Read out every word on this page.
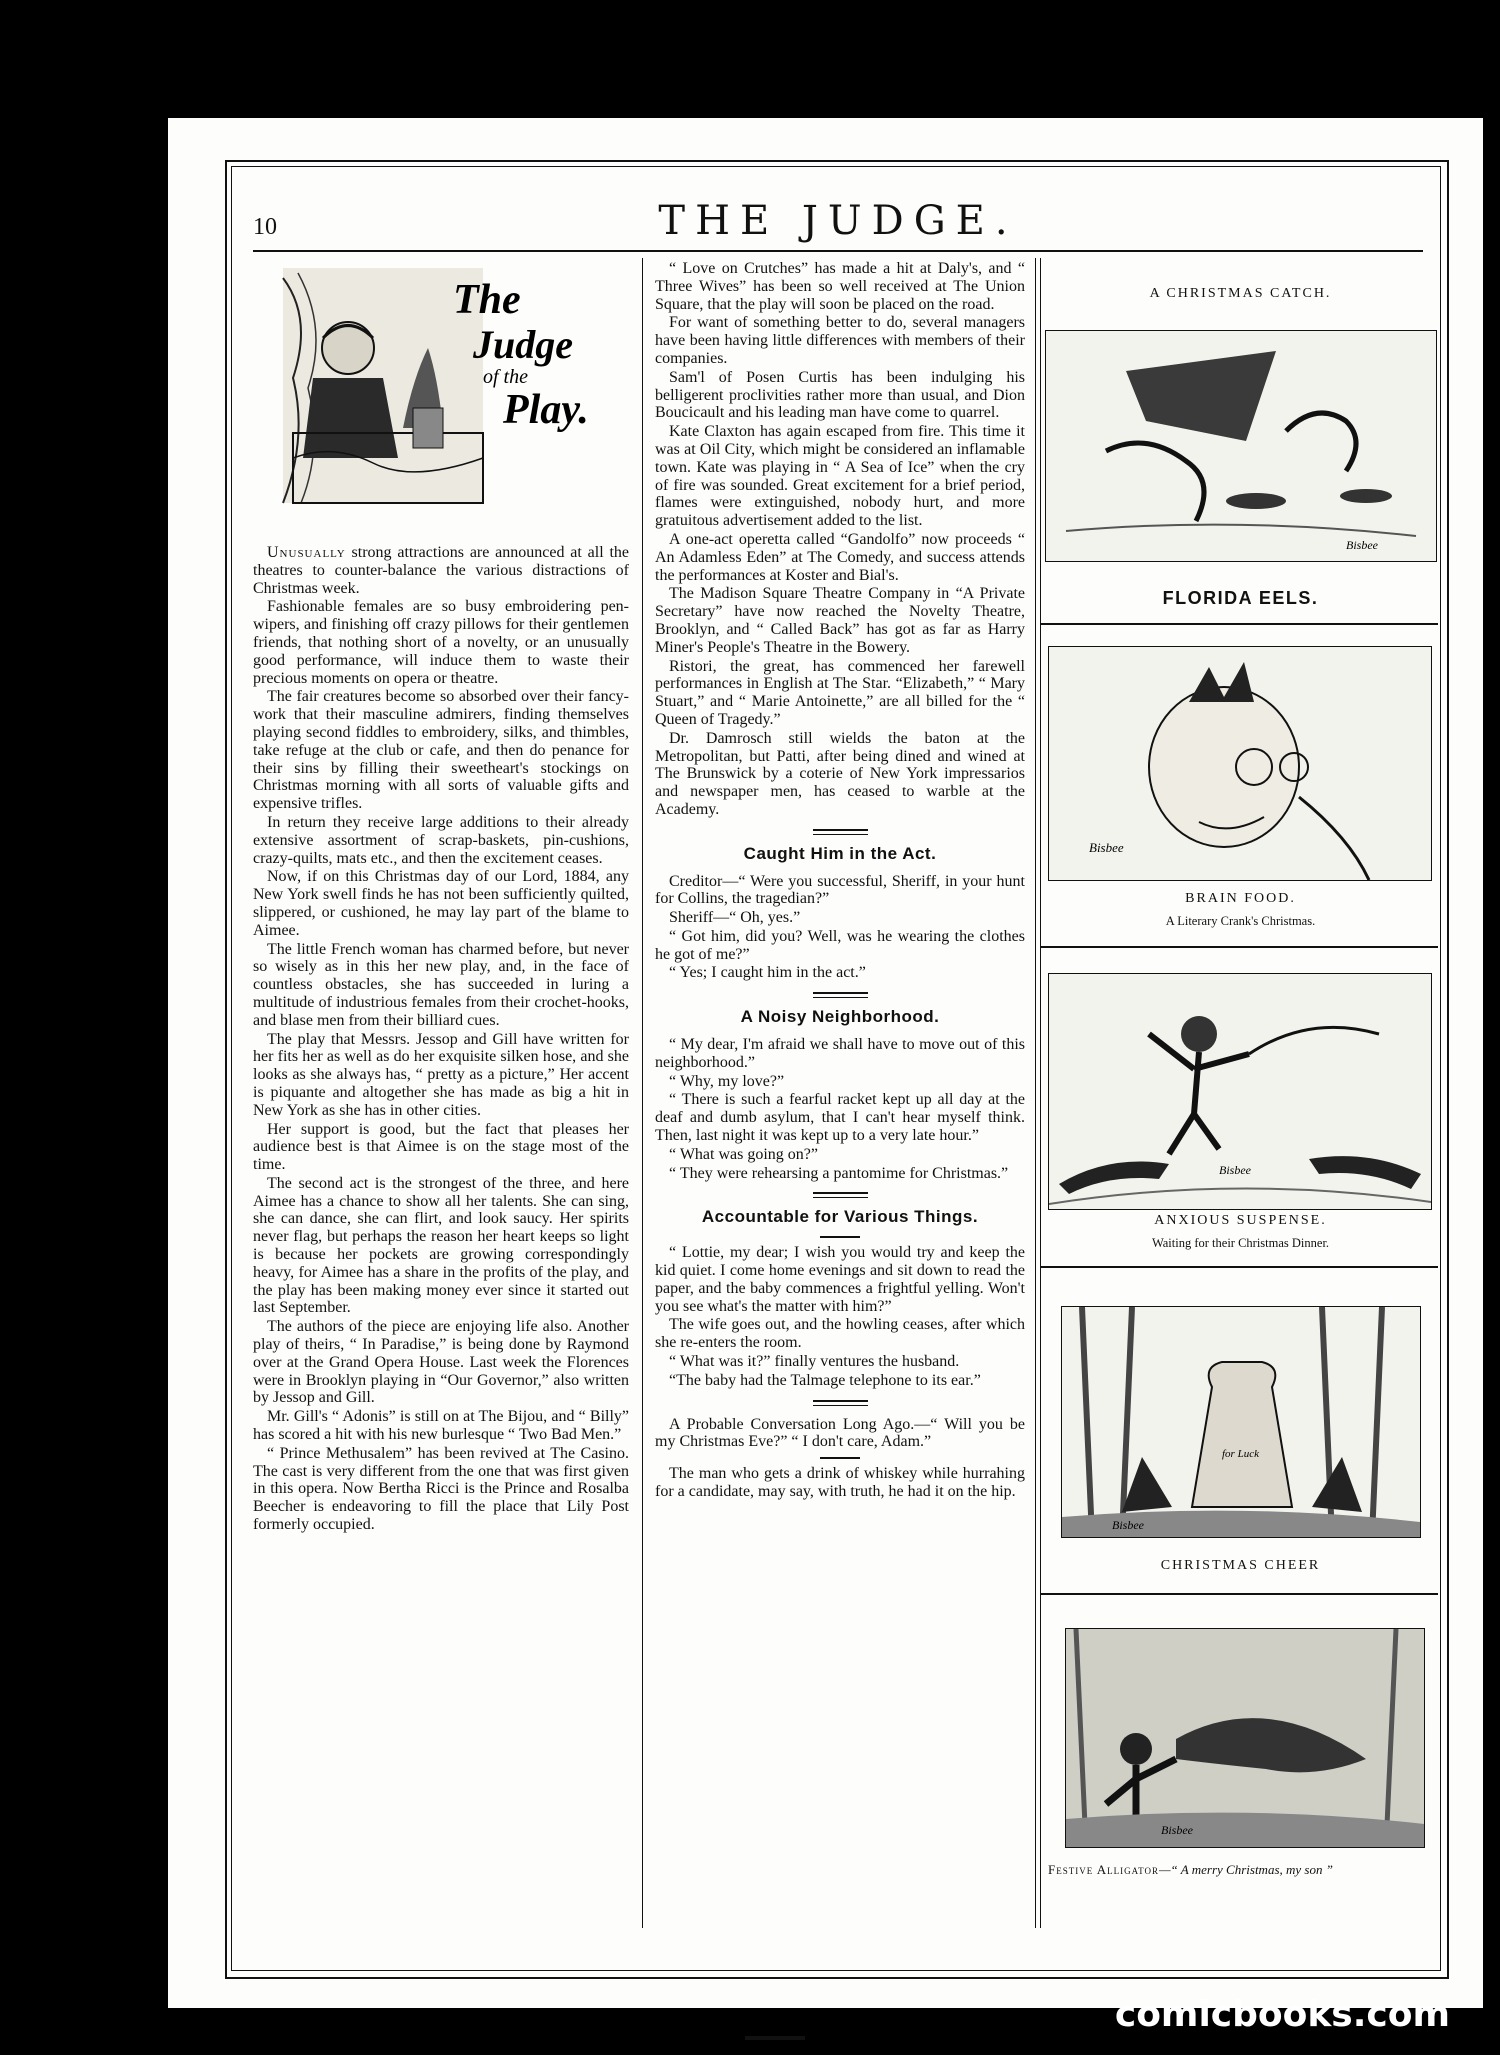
10	THE JUDGE.
The
Judge
of the
Play.

Unusually strong attractions are announced at all the theatres to counter-balance the various distractions of Christmas week.

Fashionable females are so busy embroidering pen-wipers, and finishing off crazy pillows for their gentlemen friends, that nothing short of a novelty, or an unusually good performance, will induce them to waste their precious moments on opera or theatre.

The fair creatures become so absorbed over their fancy-work that their masculine admirers, finding themselves playing second fiddles to embroidery, silks, and thimbles, take refuge at the club or cafe, and then do penance for their sins by filling their sweetheart's stockings on Christmas morning with all sorts of valuable gifts and expensive trifles.

In return they receive large additions to their already extensive assortment of scrap-baskets, pin-cushions, crazy-quilts, mats etc., and then the excitement ceases.

Now, if on this Christmas day of our Lord, 1884, any New York swell finds he has not been sufficiently quilted, slippered, or cushioned, he may lay part of the blame to Aimee.

The little French woman has charmed before, but never so wisely as in this her new play, and, in the face of countless obstacles, she has succeeded in luring a multitude of industrious females from their crochet-hooks, and blase men from their billiard cues.

The play that Messrs. Jessop and Gill have written for her fits her as well as do her exquisite silken hose, and she looks as she always has, “ pretty as a picture,” Her accent is piquante and altogether she has made as big a hit in New York as she has in other cities.

Her support is good, but the fact that pleases her audience best is that Aimee is on the stage most of the time.

The second act is the strongest of the three, and here Aimee has a chance to show all her talents. She can sing, she can dance, she can flirt, and look saucy. Her spirits never flag, but perhaps the reason her heart keeps so light is because her pockets are growing correspondingly heavy, for Aimee has a share in the profits of the play, and the play has been making money ever since it started out last September.

The authors of the piece are enjoying life also. Another play of theirs, “ In Paradise,” is being done by Raymond over at the Grand Opera House. Last week the Florences were in Brooklyn playing in “Our Governor,” also written by Jessop and Gill.

Mr. Gill's “ Adonis” is still on at The Bijou, and “ Billy” has scored a hit with his new burlesque “ Two Bad Men.”

“ Prince Methusalem” has been revived at The Casino. The cast is very different from the one that was first given in this opera. Now Bertha Ricci is the Prince and Rosalba Beecher is endeavoring to fill the place that Lily Post formerly occupied.

“ Love on Crutches” has made a hit at Daly's, and “ Three Wives” has been so well received at The Union Square, that the play will soon be placed on the road.

For want of something better to do, several managers have been having little differences with members of their companies.

Sam'l of Posen Curtis has been indulging his belligerent proclivities rather more than usual, and Dion Boucicault and his leading man have come to quarrel.

Kate Claxton has again escaped from fire. This time it was at Oil City, which might be considered an inflamable town. Kate was playing in “ A Sea of Ice” when the cry of fire was sounded. Great excitement for a brief period, flames were extinguished, nobody hurt, and more gratuitous advertisement added to the list.

A one-act operetta called “Gandolfo” now proceeds “ An Adamless Eden” at The Comedy, and success attends the performances at Koster and Bial's.

The Madison Square Theatre Company in “A Private Secretary” have now reached the Novelty Theatre, Brooklyn, and “ Called Back” has got as far as Harry Miner's People's Theatre in the Bowery.

Ristori, the great, has commenced her farewell performances in English at The Star. “Elizabeth,” “ Mary Stuart,” and “ Marie Antoinette,” are all billed for the “ Queen of Tragedy.”

Dr. Damrosch still wields the baton at the Metropolitan, but Patti, after being dined and wined at The Brunswick by a coterie of New York impressarios and newspaper men, has ceased to warble at the Academy.

Caught Him in the Act.

Creditor—“ Were you successful, Sheriff, in your hunt for Collins, the tragedian?”

Sheriff—“ Oh, yes.”

“ Got him, did you? Well, was he wearing the clothes he got of me?”

“ Yes; I caught him in the act.”

A Noisy Neighborhood.

“ My dear, I'm afraid we shall have to move out of this neighborhood.”

“ Why, my love?”

“ There is such a fearful racket kept up all day at the deaf and dumb asylum, that I can't hear myself think. Then, last night it was kept up to a very late hour.”

“ What was going on?”

“ They were rehearsing a pantomime for Christmas.”

Accountable for Various Things.

“ Lottie, my dear; I wish you would try and keep the kid quiet. I come home evenings and sit down to read the paper, and the baby commences a frightful yelling. Won't you see what's the matter with him?”

The wife goes out, and the howling ceases, after which she re-enters the room.

“ What was it?” finally ventures the husband.

“The baby had the Talmage telephone to its ear.”

A Probable Conversation Long Ago.—“ Will you be my Christmas Eve?” “ I don't care, Adam.”

The man who gets a drink of whiskey while hurrahing for a candidate, may say, with truth, he had it on the hip.

A CHRISTMAS CATCH.
Bisbee
FLORIDA EELS.
Bisbee
BRAIN FOOD.
A Literary Crank's Christmas.
Bisbee
ANXIOUS SUSPENSE.
Waiting for their Christmas Dinner.
for Luck
Bisbee
CHRISTMAS CHEER
Bisbee
Festive Alligator—“ A merry Christmas, my son ”
comicbooks.com
